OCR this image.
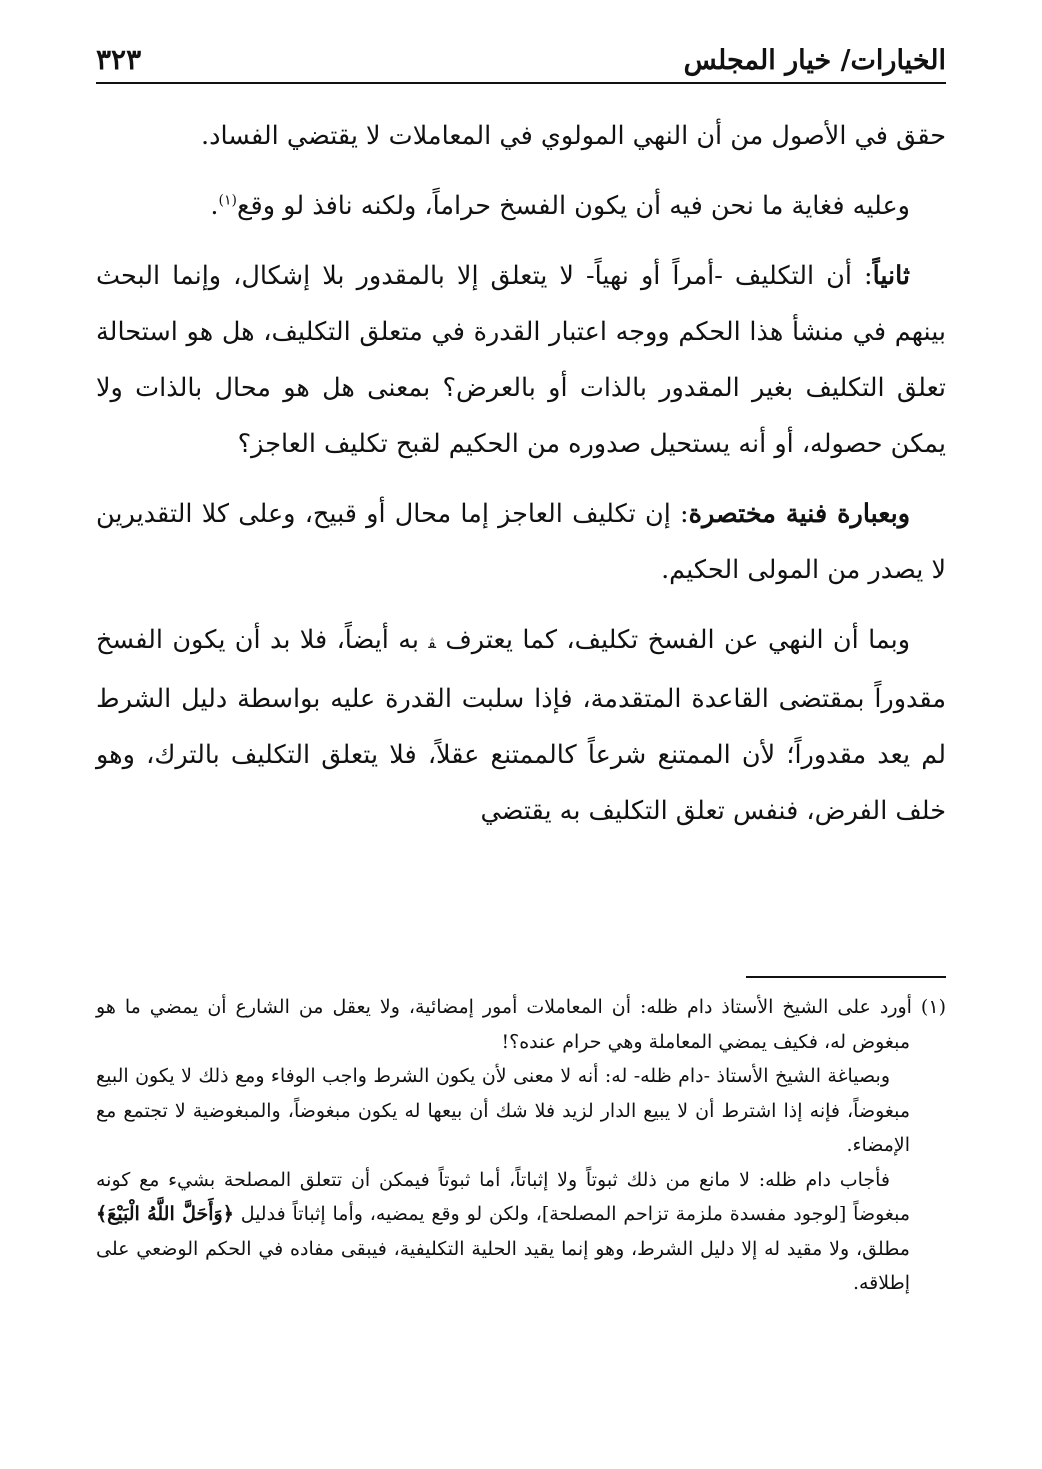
الخيارات/ خيار المجلس
٣٢٣

حقق في الأصول من أن النهي المولوي في المعاملات لا يقتضي الفساد.

وعليه فغاية ما نحن فيه أن يكون الفسخ حراماً، ولكنه نافذ لو وقع$^{(١)}$.

ثانياً: أن التكليف -أمراً أو نهياً- لا يتعلق إلا بالمقدور بلا إشكال، وإنما البحث بينهم في منشأ هذا الحكم ووجه اعتبار القدرة في متعلق التكليف، هل هو استحالة تعلق التكليف بغير المقدور بالذات أو بالعرض؟ بمعنى هل هو محال بالذات ولا يمكن حصوله، أو أنه يستحيل صدوره من الحكيم لقبح تكليف العاجز؟

وبعبارة فنية مختصرة: إن تكليف العاجز إما محال أو قبيح، وعلى كلا التقديرين لا يصدر من المولى الحكيم.

وبما أن النهي عن الفسخ تكليف، كما يعترف ﭭ به أيضاً، فلا بد أن يكون الفسخ مقدوراً بمقتضى القاعدة المتقدمة، فإذا سلبت القدرة عليه بواسطة دليل الشرط لم يعد مقدوراً؛ لأن الممتنع شرعاً كالممتنع عقلاً، فلا يتعلق التكليف بالترك، وهو خلف الفرض، فنفس تعلق التكليف به يقتضي

(١) أورد على الشيخ الأستاذ دام ظله: أن المعاملات أمور إمضائية، ولا يعقل من الشارع أن يمضي ما هو مبغوض له، فكيف يمضي المعاملة وهي حرام عنده؟!

وبصياغة الشيخ الأستاذ -دام ظله- له: أنه لا معنى لأن يكون الشرط واجب الوفاء ومع ذلك لا يكون البيع مبغوضاً، فإنه إذا اشترط أن لا يبيع الدار لزيد فلا شك أن بيعها له يكون مبغوضاً، والمبغوضية لا تجتمع مع الإمضاء.

فأجاب دام ظله: لا مانع من ذلك ثبوتاً ولا إثباتاً، أما ثبوتاً فيمكن أن تتعلق المصلحة بشيء مع كونه مبغوضاً [لوجود مفسدة ملزمة تزاحم المصلحة]، ولكن لو وقع يمضيه، وأما إثباتاً فدليل ﴿وَأَحَلَّ اللَّهُ الْبَيْعَ﴾ مطلق، ولا مقيد له إلا دليل الشرط، وهو إنما يقيد الحلية التكليفية، فيبقى مفاده في الحكم الوضعي على إطلاقه.
